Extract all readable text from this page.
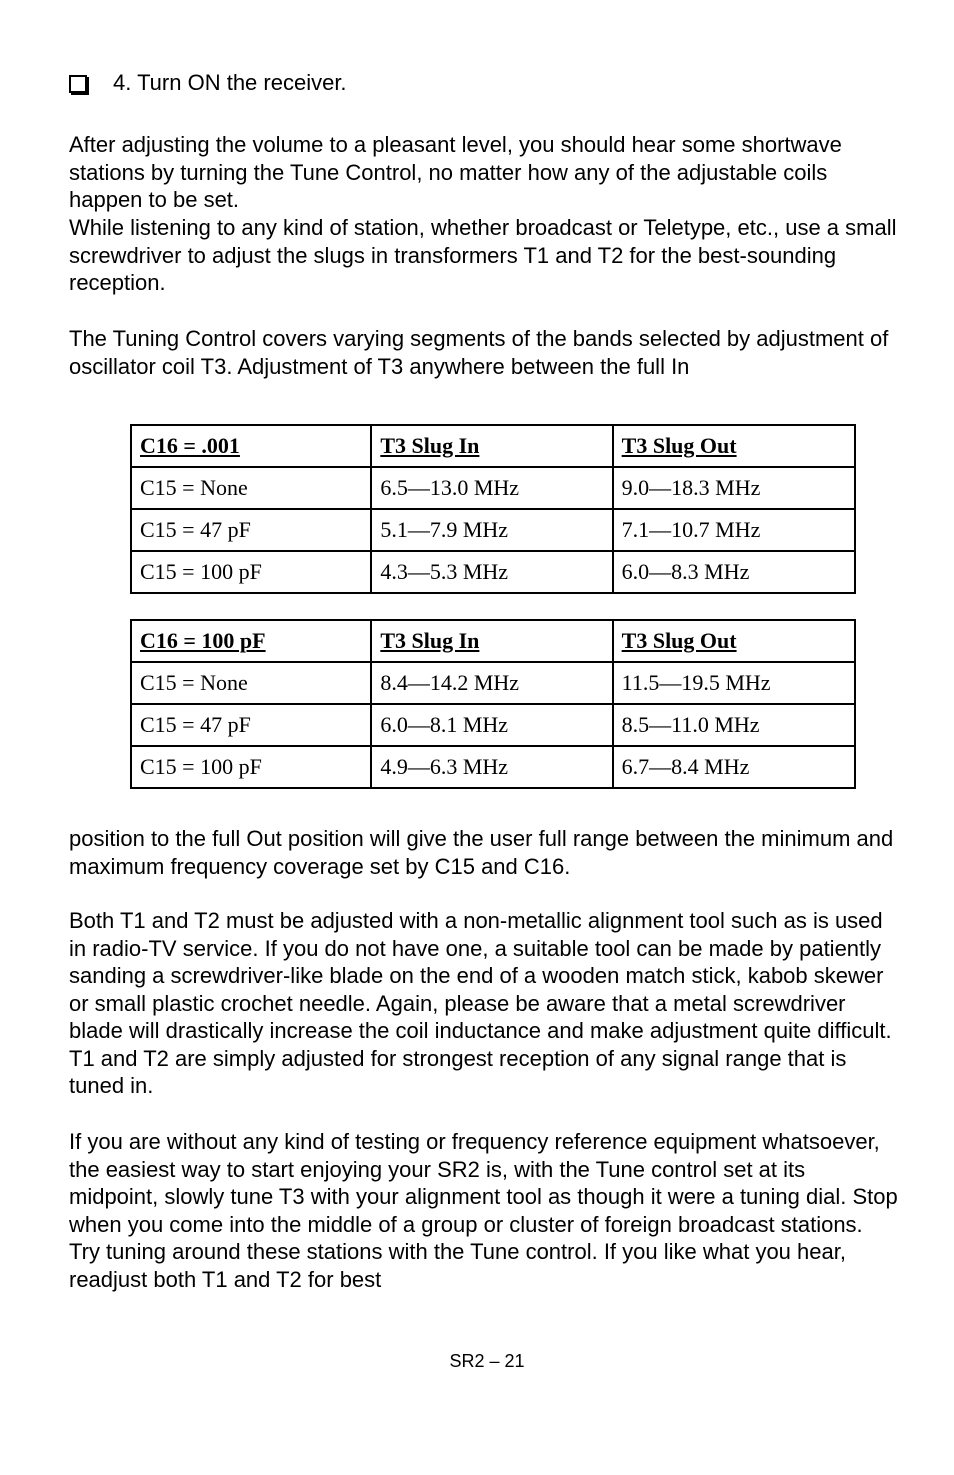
4. Turn ON the receiver.

After adjusting the volume to a pleasant level, you should hear some shortwave stations by turning the Tune Control, no matter how any of the adjustable coils happen to be set.

While listening to any kind of station, whether broadcast or Teletype, etc., use a small screwdriver to adjust the slugs in transformers T1 and T2 for the best-sounding reception.

The Tuning Control covers varying segments of the bands selected by adjustment of oscillator coil T3. Adjustment of T3 anywhere between the full In

C16 = .001	T3 Slug In	T3 Slug Out
C15 = None	6.5—13.0 MHz	9.0—18.3 MHz
C15 = 47 pF	5.1—7.9 MHz	7.1—10.7 MHz
C15 = 100 pF	4.3—5.3 MHz	6.0—8.3 MHz
C16 = 100 pF	T3 Slug In	T3 Slug Out
C15 = None	8.4—14.2 MHz	11.5—19.5 MHz
C15 = 47 pF	6.0—8.1 MHz	8.5—11.0 MHz
C15 = 100 pF	4.9—6.3 MHz	6.7—8.4 MHz

position to the full Out position will give the user full range between the minimum and maximum frequency coverage set by C15 and C16.

Both T1 and T2 must be adjusted with a non-metallic alignment tool such as is used in radio-TV service. If you do not have one, a suitable tool can be made by patiently sanding a screwdriver-like blade on the end of a wooden match stick, kabob skewer or small plastic crochet needle. Again, please be aware that a metal screwdriver blade will drastically increase the coil inductance and make adjustment quite difficult. T1 and T2 are simply adjusted for strongest reception of any signal range that is tuned in.

If you are without any kind of testing or frequency reference equipment whatsoever, the easiest way to start enjoying your SR2 is, with the Tune control set at its midpoint, slowly tune T3 with your alignment tool as though it were a tuning dial. Stop when you come into the middle of a group or cluster of foreign broadcast stations. Try tuning around these stations with the Tune control. If you like what you hear, readjust both T1 and T2 for best

SR2 – 21
